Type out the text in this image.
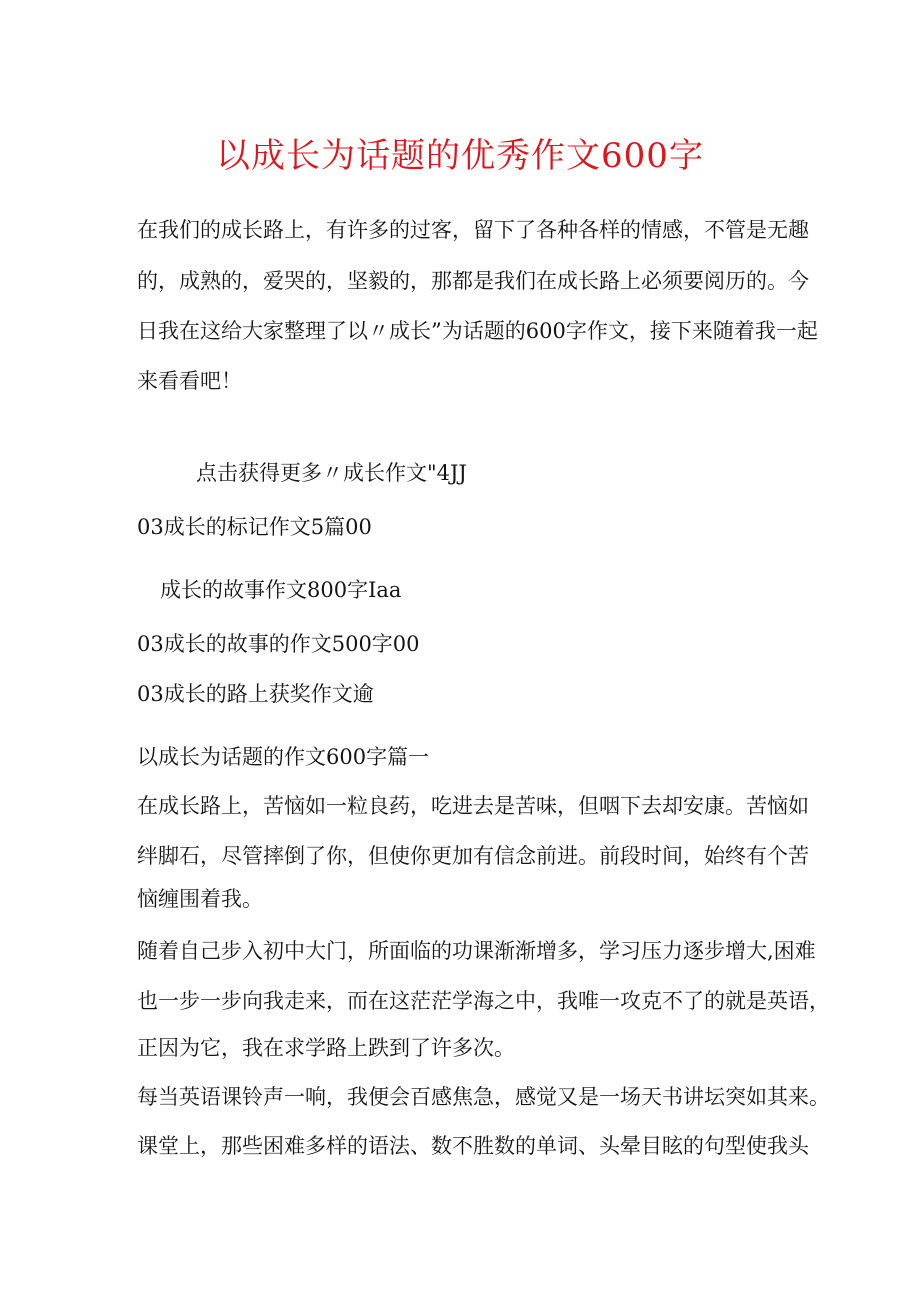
以成长为话题的优秀作文600字
在我们的成长路上，有许多的过客，留下了各种各样的情感，不管是无趣
的，成熟的，爱哭的，坚毅的，那都是我们在成长路上必须要阅历的。今
日我在这给大家整理了以〃成长”为话题的600字作文，接下来随着我一起
来看看吧！
点击获得更多〃成长作文"4JJ
03成长的标记作文5篇00
成长的故事作文800字Iaa
03成长的故事的作文500字00
03成长的路上获奖作文逾
以成长为话题的作文600字篇一
在成长路上，苦恼如一粒良药，吃进去是苦味，但咽下去却安康。苦恼如
绊脚石，尽管摔倒了你，但使你更加有信念前进。前段时间，始终有个苦
恼缠围着我。
随着自己步入初中大门，所面临的功课渐渐增多，学习压力逐步增大,困难
也一步一步向我走来，而在这茫茫学海之中，我唯一攻克不了的就是英语，
正因为它，我在求学路上跌到了许多次。
每当英语课铃声一响，我便会百感焦急，感觉又是一场天书讲坛突如其来。
课堂上，那些困难多样的语法、数不胜数的单词、头晕目眩的句型使我头
